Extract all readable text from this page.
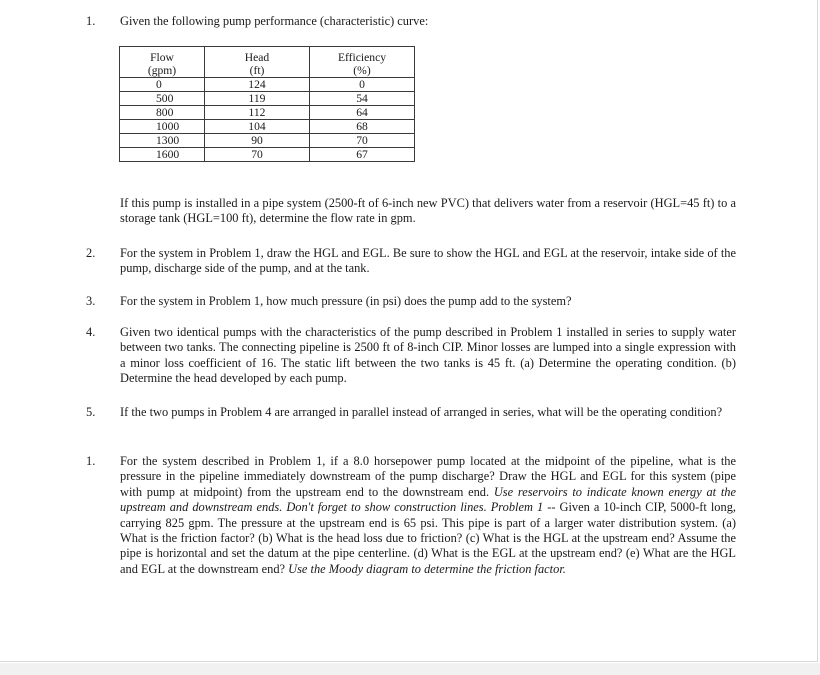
1.	Given the following pump performance (characteristic) curve:

Flow	Head	Efficiency
(gpm)	(ft)	(%)
0	124	0
500	119	54
800	112	64
1000	104	68
1300	90	70
1600	70	67
If this pump is installed in a pipe system (2500-ft of 6-inch new PVC) that delivers water from a reservoir (HGL=45 ft) to a storage tank (HGL=100 ft), determine the flow rate in gpm.
2.	For the system in Problem 1, draw the HGL and EGL. Be sure to show the HGL and EGL at the reservoir, intake side of the pump, discharge side of the pump, and at the tank.

3.	For the system in Problem 1, how much pressure (in psi) does the pump add to the system?

4.	Given two identical pumps with the characteristics of the pump described in Problem 1 installed in series to supply water between two tanks. The connecting pipeline is 2500 ft of 8-inch CIP. Minor losses are lumped into a single expression with a minor loss coefficient of 16. The static lift between the two tanks is 45 ft. (a) Determine the operating condition. (b) Determine the head developed by each pump.

5.	If the two pumps in Problem 4 are arranged in parallel instead of arranged in series, what will be the operating condition?

1.	For the system described in Problem 1, if a 8.0 horsepower pump located at the midpoint of the pipeline, what is the pressure in the pipeline immediately downstream of the pump discharge? Draw the HGL and EGL for this system (pipe with pump at midpoint) from the upstream end to the downstream end. Use reservoirs to indicate known energy at the upstream and downstream ends. Don't forget to show construction lines. Problem 1 -- Given a 10-inch CIP, 5000-ft long, carrying 825 gpm. The pressure at the upstream end is 65 psi. This pipe is part of a larger water distribution system. (a) What is the friction factor? (b) What is the head loss due to friction? (c) What is the HGL at the upstream end? Assume the pipe is horizontal and set the datum at the pipe centerline. (d) What is the EGL at the upstream end? (e) What are the HGL and EGL at the downstream end? Use the Moody diagram to determine the friction factor.
